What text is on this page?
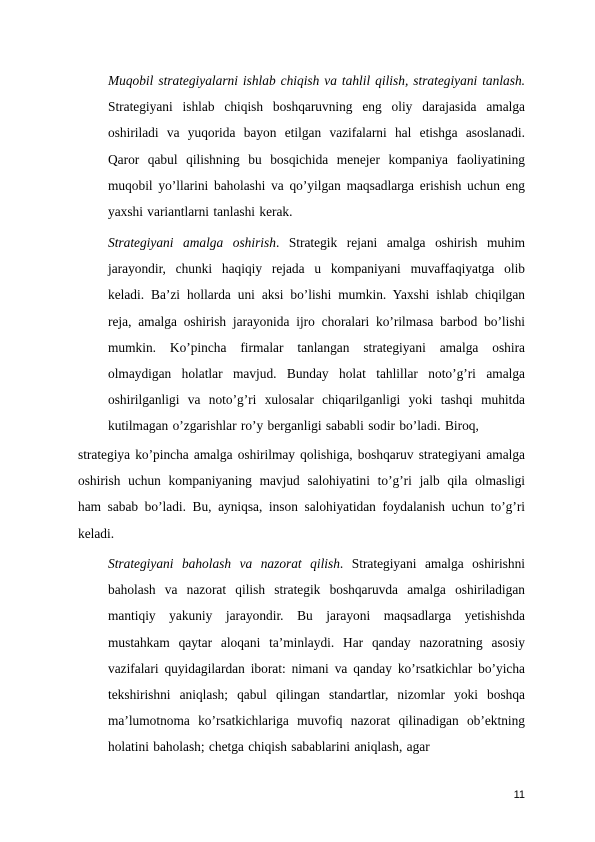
Muqobil strategiyalarni ishlab chiqish va tahlil qilish, strategiyani tanlash. Strategiyani ishlab chiqish boshqaruvning eng oliy darajasida amalga oshiriladi va yuqorida bayon etilgan vazifalarni hal etishga asoslanadi. Qaror qabul qilishning bu bosqichida menejer kompaniya faoliyatining muqobil yo’llarini baholashi va qo’yilgan maqsadlarga erishish uchun eng yaxshi variantlarni tanlashi kerak.

Strategiyani amalga oshirish. Strategik rejani amalga oshirish muhim jarayondir, chunki haqiqiy rejada u kompaniyani muvaffaqiyatga olib keladi. Ba’zi hollarda uni aksi bo’lishi mumkin. Yaxshi ishlab chiqilgan reja, amalga oshirish jarayonida ijro choralari ko’rilmasa barbod bo’lishi mumkin. Ko’pincha firmalar tanlangan strategiyani amalga oshira olmaydigan holatlar mavjud. Bunday holat tahlillar noto’g’ri amalga oshirilganligi va noto’g’ri xulosalar chiqarilganligi yoki tashqi muhitda kutilmagan o’zgarishlar ro’y berganligi sababli sodir bo’ladi. Biroq,

strategiya ko’pincha amalga oshirilmay qolishiga, boshqaruv strategiyani amalga oshirish uchun kompaniyaning mavjud salohiyatini to’g’ri jalb qila olmasligi ham sabab bo’ladi. Bu, ayniqsa, inson salohiyatidan foydalanish uchun to’g’ri keladi.

Strategiyani baholash va nazorat qilish. Strategiyani amalga oshirishni baholash va nazorat qilish strategik boshqaruvda amalga oshiriladigan mantiqiy yakuniy jarayondir. Bu jarayoni maqsadlarga yetishishda mustahkam qaytar aloqani ta’minlaydi. Har qanday nazoratning asosiy vazifalari quyidagilardan iborat: nimani va qanday ko’rsatkichlar bo’yicha tekshirishni aniqlash; qabul qilingan standartlar, nizomlar yoki boshqa ma’lumotnoma ko’rsatkichlariga muvofiq nazorat qilinadigan ob’ektning holatini baholash; chetga chiqish sabablarini aniqlash, agar

11
